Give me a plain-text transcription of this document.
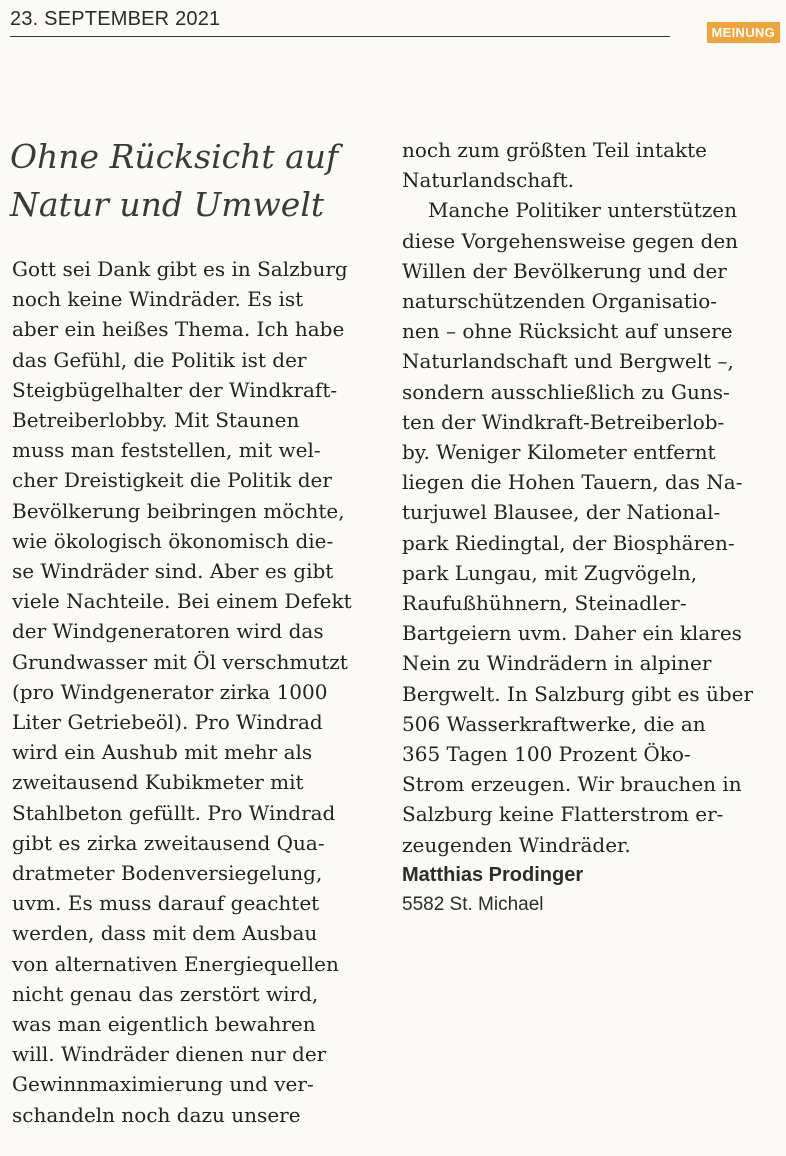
23. SEPTEMBER 2021
MEINUNG
Ohne Rücksicht auf
Natur und Umwelt
Gott sei Dank gibt es in Salzburg
noch keine Windräder. Es ist
aber ein heißes Thema. Ich habe
das Gefühl, die Politik ist der
Steigbügelhalter der Windkraft-
Betreiberlobby. Mit Staunen
muss man feststellen, mit wel-
cher Dreistigkeit die Politik der
Bevölkerung beibringen möchte,
wie ökologisch ökonomisch die-
se Windräder sind. Aber es gibt
viele Nachteile. Bei einem Defekt
der Windgeneratoren wird das
Grundwasser mit Öl verschmutzt
(pro Windgenerator zirka 1000
Liter Getriebeöl). Pro Windrad
wird ein Aushub mit mehr als
zweitausend Kubikmeter mit
Stahlbeton gefüllt. Pro Windrad
gibt es zirka zweitausend Qua-
dratmeter Bodenversiegelung,
uvm. Es muss darauf geachtet
werden, dass mit dem Ausbau
von alternativen Energiequellen
nicht genau das zerstört wird,
was man eigentlich bewahren
will. Windräder dienen nur der
Gewinnmaximierung und ver-
schandeln noch dazu unsere
noch zum größten Teil intakte
Naturlandschaft.
Manche Politiker unterstützen
diese Vorgehensweise gegen den
Willen der Bevölkerung und der
naturschützenden Organisatio-
nen – ohne Rücksicht auf unsere
Naturlandschaft und Bergwelt –,
sondern ausschließlich zu Guns-
ten der Windkraft-Betreiberlob-
by. Weniger Kilometer entfernt
liegen die Hohen Tauern, das Na-
turjuwel Blausee, der National-
park Riedingtal, der Biosphären-
park Lungau, mit Zugvögeln,
Raufußhühnern, Steinadler-
Bartgeiern uvm. Daher ein klares
Nein zu Windrädern in alpiner
Bergwelt. In Salzburg gibt es über
506 Wasserkraftwerke, die an
365 Tagen 100 Prozent Öko-
Strom erzeugen. Wir brauchen in
Salzburg keine Flatterstrom er-
zeugenden Windräder.
Matthias Prodinger
5582 St. Michael
